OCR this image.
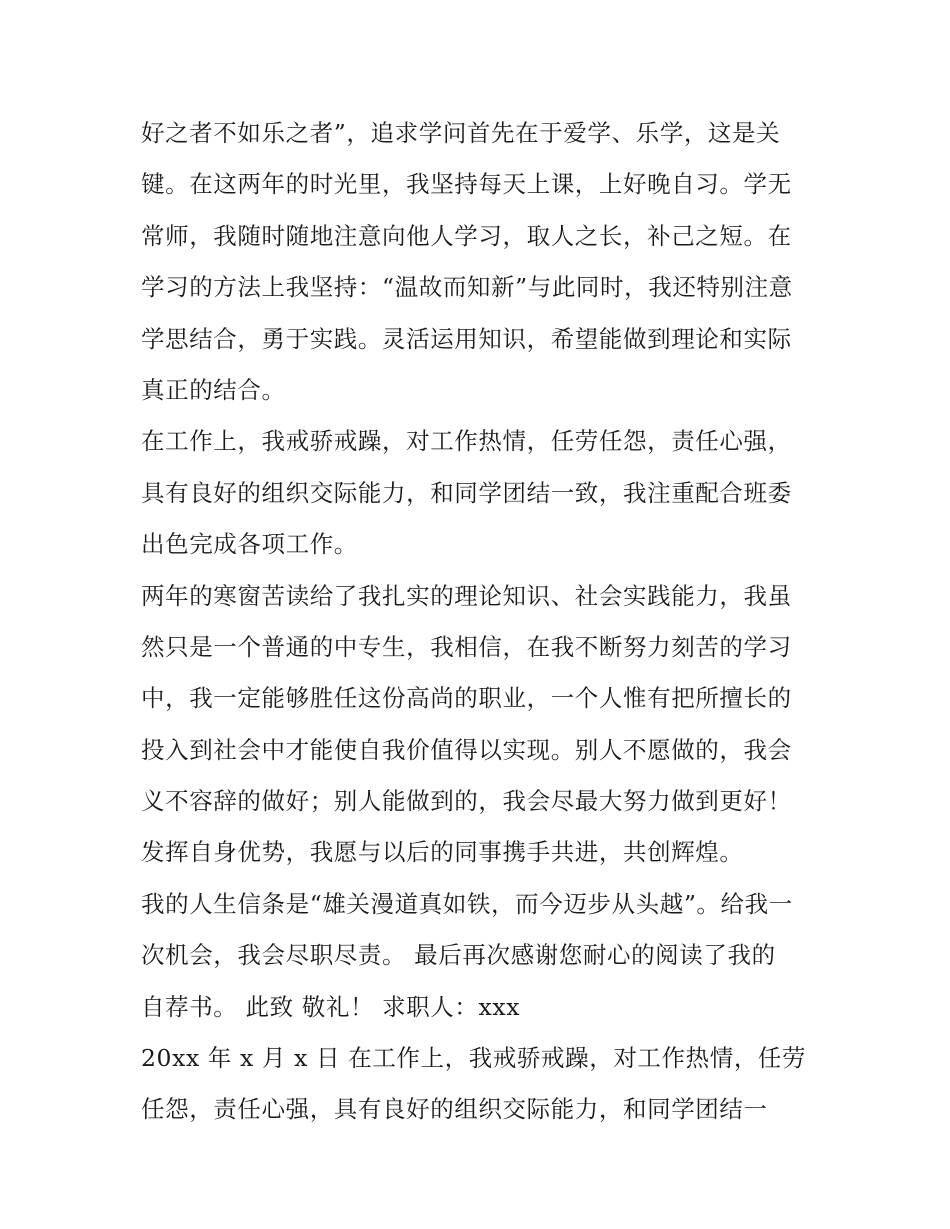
好之者不如乐之者”，追求学问首先在于爱学、乐学，这是关
键。在这两年的时光里，我坚持每天上课，上好晚自习。学无
常师，我随时随地注意向他人学习，取人之长，补己之短。在
学习的方法上我坚持：“温故而知新”与此同时，我还特别注意
学思结合，勇于实践。灵活运用知识，希望能做到理论和实际
真正的结合。
在工作上，我戒骄戒躁，对工作热情，任劳任怨，责任心强，
具有良好的组织交际能力，和同学团结一致，我注重配合班委
出色完成各项工作。
两年的寒窗苦读给了我扎实的理论知识、社会实践能力，我虽
然只是一个普通的中专生，我相信，在我不断努力刻苦的学习
中，我一定能够胜任这份高尚的职业，一个人惟有把所擅长的
投入到社会中才能使自我价值得以实现。别人不愿做的，我会
义不容辞的做好；别人能做到的，我会尽最大努力做到更好！
发挥自身优势，我愿与以后的同事携手共进，共创辉煌。
我的人生信条是“雄关漫道真如铁，而今迈步从头越”。给我一
次机会，我会尽职尽责。 最后再次感谢您耐心的阅读了我的
自荐书。 此致 敬礼！ 求职人：xxx
20xx 年 x 月 x 日 在工作上，我戒骄戒躁，对工作热情，任劳
任怨，责任心强，具有良好的组织交际能力，和同学团结一
